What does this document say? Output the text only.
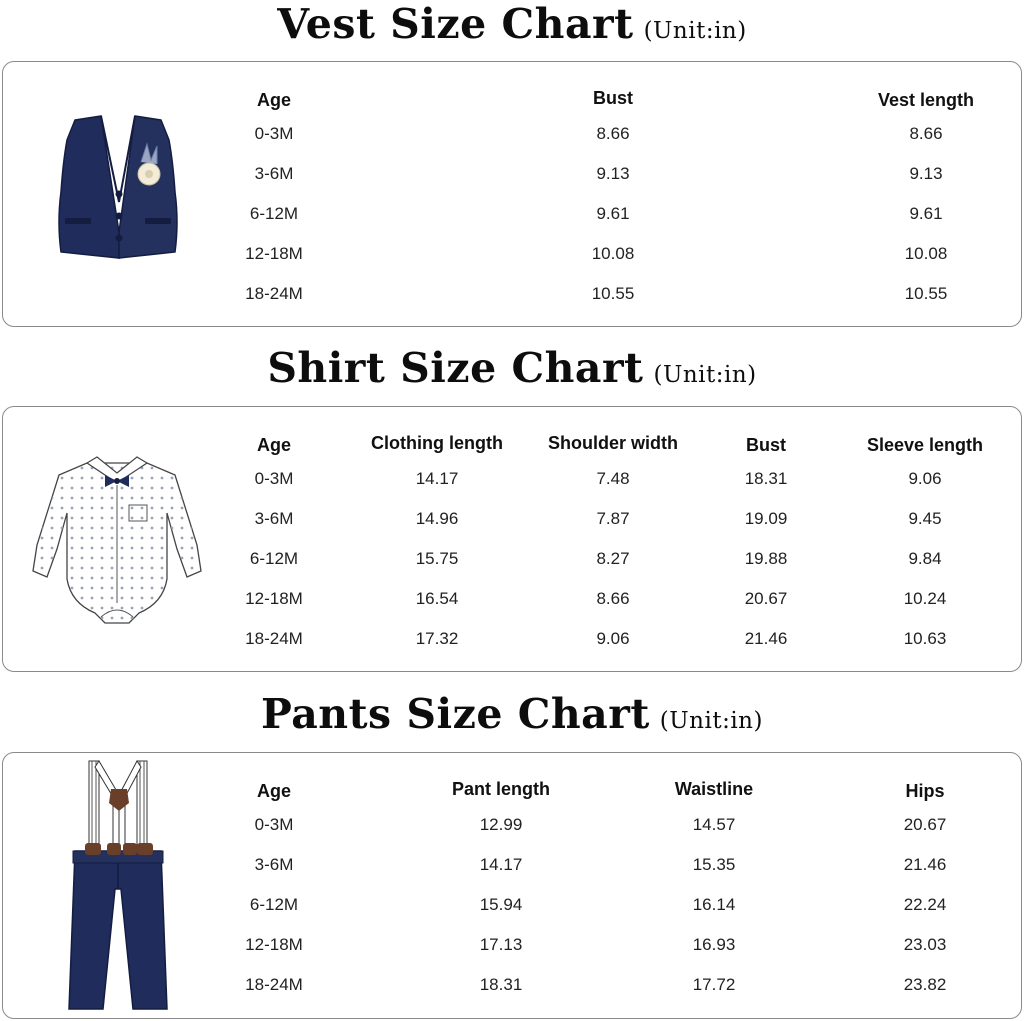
Vest Size Chart (Unit:in)
Age	Bust	Vest length
0-3M	8.66	8.66
3-6M	9.13	9.13
6-12M	9.61	9.61
12-18M	10.08	10.08
18-24M	10.55	10.55
Shirt Size Chart (Unit:in)
Age	Clothing length	Shoulder width	Bust	Sleeve length
0-3M	14.17	7.48	18.31	9.06
3-6M	14.96	7.87	19.09	9.45
6-12M	15.75	8.27	19.88	9.84
12-18M	16.54	8.66	20.67	10.24
18-24M	17.32	9.06	21.46	10.63
Pants Size Chart (Unit:in)
Age	Pant length	Waistline	Hips
0-3M	12.99	14.57	20.67
3-6M	14.17	15.35	21.46
6-12M	15.94	16.14	22.24
12-18M	17.13	16.93	23.03
18-24M	18.31	17.72	23.82
